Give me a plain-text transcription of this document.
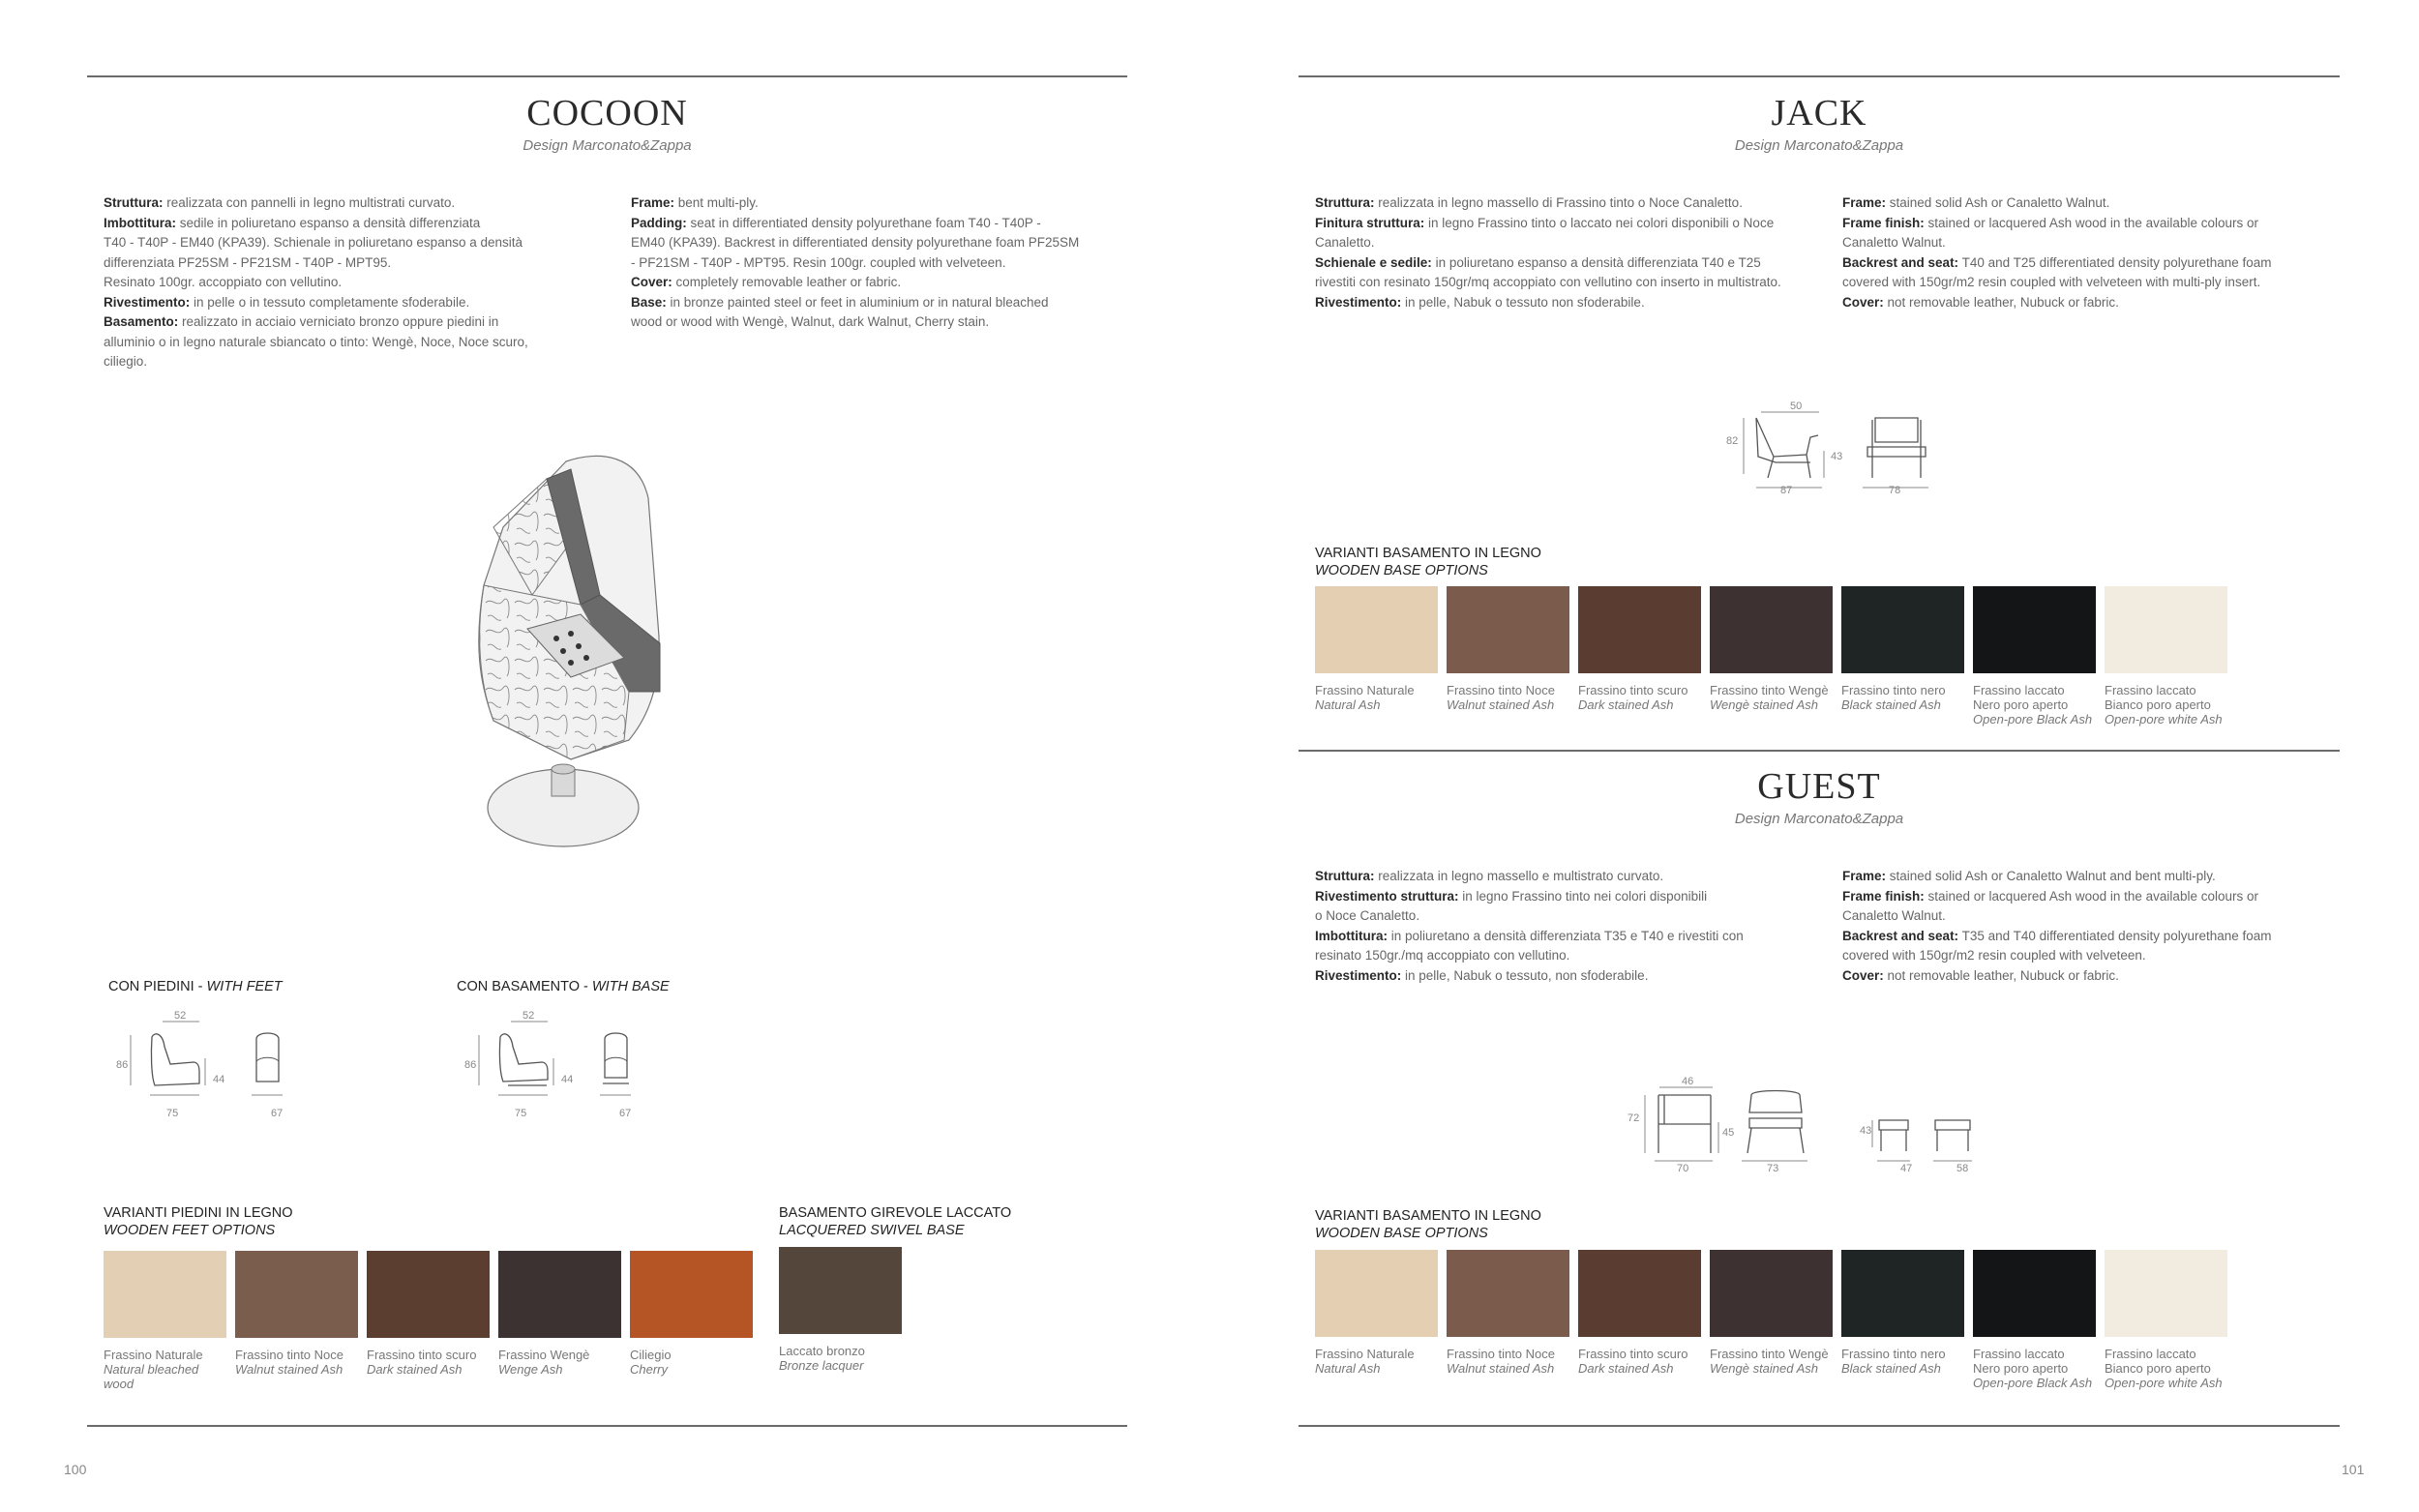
COCOON
Design Marconato&Zappa
Struttura: realizzata con pannelli in legno multistrati curvato.
Imbottitura: sedile in poliuretano espanso a densità differenziata
T40 - T40P - EM40 (KPA39). Schienale in poliuretano espanso a densità
differenziata PF25SM - PF21SM - T40P - MPT95.
Resinato 100gr. accoppiato con vellutino.
Rivestimento: in pelle o in tessuto completamente sfoderabile.
Basamento: realizzato in acciaio verniciato bronzo oppure piedini in
alluminio o in legno naturale sbiancato o tinto: Wengè, Noce, Noce scuro,
ciliegio.
Frame: bent multi-ply.
Padding: seat in differentiated density polyurethane foam T40 - T40P -
EM40 (KPA39). Backrest in differentiated density polyurethane foam PF25SM
- PF21SM - T40P - MPT95. Resin 100gr. coupled with velveteen.
Cover: completely removable leather or fabric.
Base: in bronze painted steel or feet in aluminium or in natural bleached
wood or wood with Wengè, Walnut, dark Walnut, Cherry stain.
CON PIEDINI - WITH FEET	CON BASAMENTO - WITH BASE
52
86
44
75	67
52
86
44
75	67
VARIANTI PIEDINI IN LEGNO
WOODEN FEET OPTIONS
Frassino Naturale
Natural bleached
wood
Frassino tinto Noce
Walnut stained Ash
Frassino tinto scuro
Dark stained Ash
Frassino Wengè
Wenge Ash
Ciliegio
Cherry
BASAMENTO GIREVOLE LACCATO
LACQUERED SWIVEL BASE
Laccato bronzo
Bronze lacquer
100
JACK
Design Marconato&Zappa
Struttura: realizzata in legno massello di Frassino tinto o Noce Canaletto.
Finitura struttura: in legno Frassino tinto o laccato nei colori disponibili o Noce
Canaletto.
Schienale e sedile: in poliuretano espanso a densità differenziata T40 e T25
rivestiti con resinato 150gr/mq accoppiato con vellutino con inserto in multistrato.
Rivestimento: in pelle, Nabuk o tessuto non sfoderabile.
Frame: stained solid Ash or Canaletto Walnut.
Frame finish: stained or lacquered Ash wood in the available colours or
Canaletto Walnut.
Backrest and seat: T40 and T25 differentiated density polyurethane foam
covered with 150gr/m2 resin coupled with velveteen with multi-ply insert.
Cover: not removable leather, Nubuck or fabric.
50
82
43
87	78
VARIANTI BASAMENTO IN LEGNO
WOODEN BASE OPTIONS
Frassino Naturale
Natural Ash
Frassino tinto Noce
Walnut stained Ash
Frassino tinto scuro
Dark stained Ash
Frassino tinto Wengè
Wengè stained Ash
Frassino tinto nero
Black stained Ash
Frassino laccato
Nero poro aperto
Open-pore Black Ash
Frassino laccato
Bianco poro aperto
Open-pore white Ash
GUEST
Design Marconato&Zappa
Struttura: realizzata in legno massello e multistrato curvato.
Rivestimento struttura: in legno Frassino tinto nei colori disponibili
o Noce Canaletto.
Imbottitura: in poliuretano a densità differenziata T35 e T40 e rivestiti con
resinato 150gr./mq accoppiato con vellutino.
Rivestimento: in pelle, Nabuk o tessuto, non sfoderabile.
Frame: stained solid Ash or Canaletto Walnut and bent multi-ply.
Frame finish: stained or lacquered Ash wood in the available colours or
Canaletto Walnut.
Backrest and seat: T35 and T40 differentiated density polyurethane foam
covered with 150gr/m2 resin coupled with velveteen.
Cover: not removable leather, Nubuck or fabric.
46
72
45
70	73
43
47	58
VARIANTI BASAMENTO IN LEGNO
WOODEN BASE OPTIONS
Frassino Naturale
Natural Ash
Frassino tinto Noce
Walnut stained Ash
Frassino tinto scuro
Dark stained Ash
Frassino tinto Wengè
Wengè stained Ash
Frassino tinto nero
Black stained Ash
Frassino laccato
Nero poro aperto
Open-pore Black Ash
Frassino laccato
Bianco poro aperto
Open-pore white Ash
101
